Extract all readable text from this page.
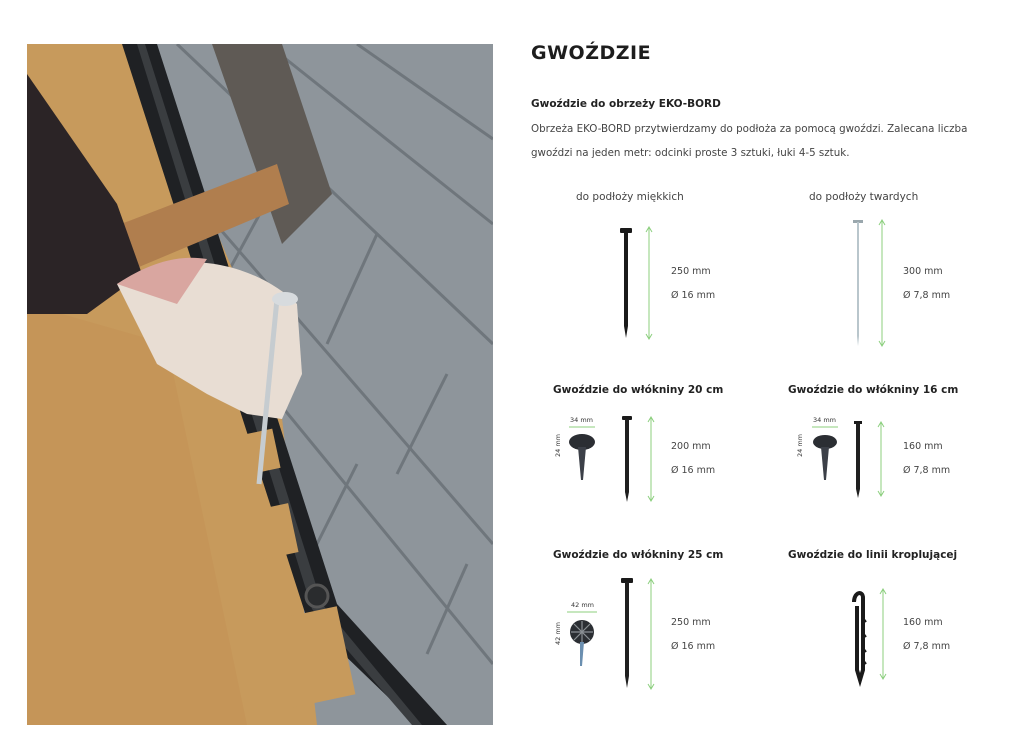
GWOŹDZIE
Gwoździe do obrzeży EKO-BORD
Obrzeża EKO-BORD przytwierdzamy do podłoża za pomocą gwoździ. Zalecana liczba gwoździ na jeden metr: odcinki proste 3 sztuki, łuki 4-5 sztuk.
do podłoży miękkich	do podłoży twardych
250 mm
Ø 16 mm
300 mm
Ø 7,8 mm
Gwoździe do włókniny 20 cm
34 mm
24 mm	200 mm
Ø 16 mm
Gwoździe do włókniny 16 cm
34 mm
24 mm	160 mm
Ø 7,8 mm
Gwoździe do włókniny 25 cm
42 mm
42 mm	250 mm
Ø 16 mm
Gwoździe do linii kroplującej
160 mm
Ø 7,8 mm
